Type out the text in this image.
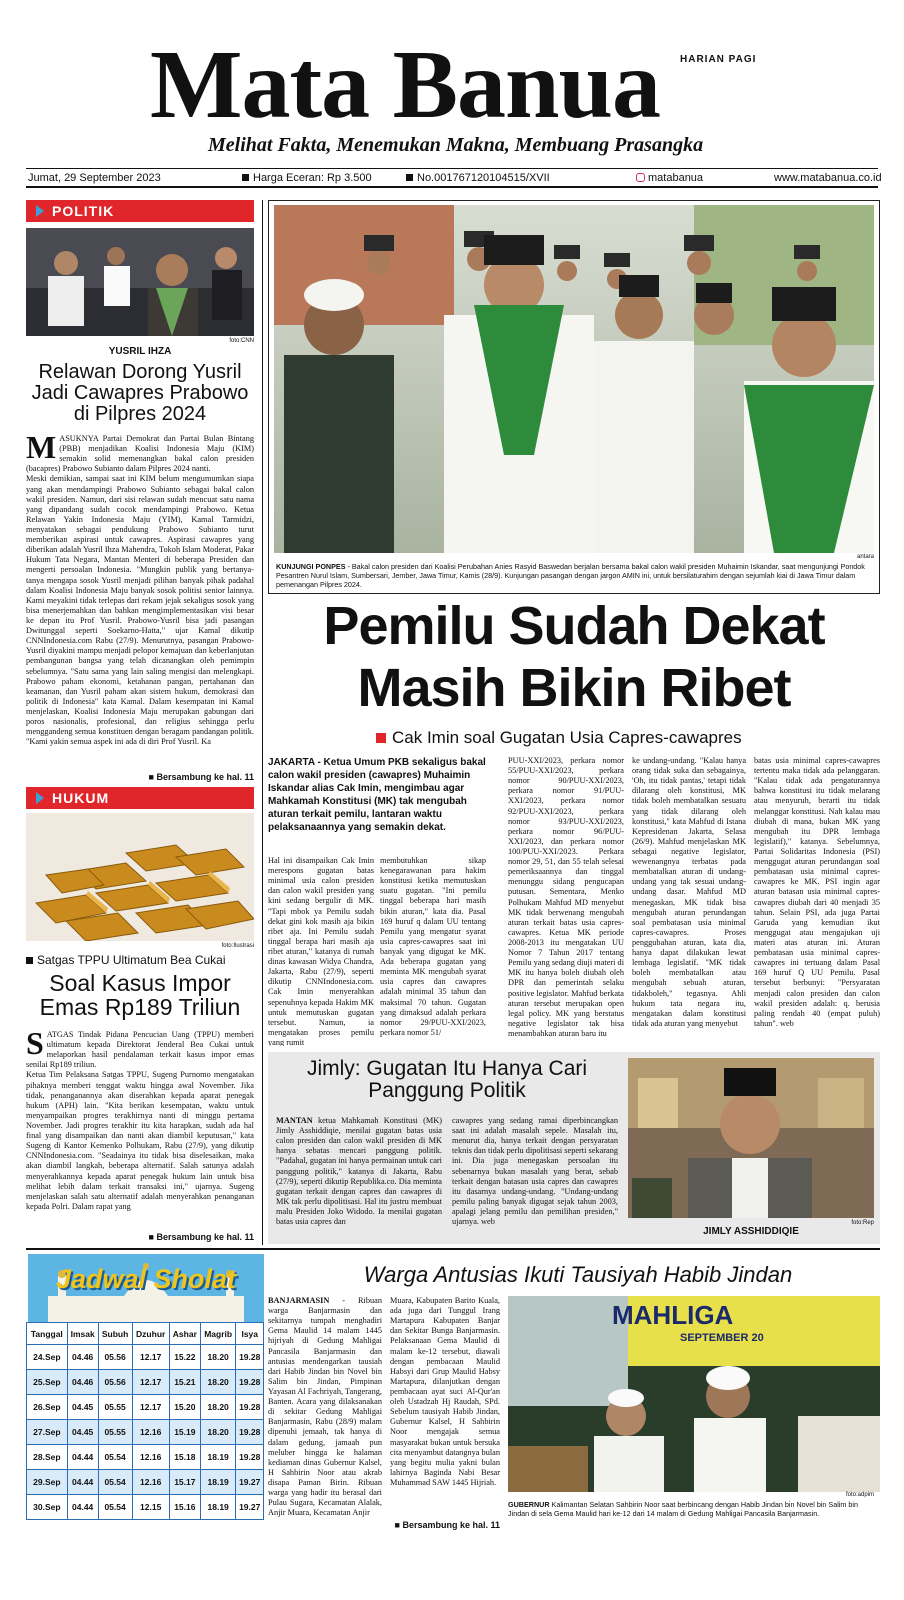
Mata Banua HARIAN PAGI
Melihat Fakta, Menemukan Makna, Membuang Prasangka
Jumat, 29 September 2023	Harga Eceran: Rp 3.500	No.001767120104515/XVII	matabanua	www.matabanua.co.id
POLITIK
foto:CNN
YUSRIL IHZA
Relawan Dorong Yusril Jadi Cawapres Prabowo di Pilpres 2024
MASUKNYA Partai Demokrat dan Partai Bulan Bintang (PBB) menjadikan Koalisi Indonesia Maju (KIM) semakin solid memenangkan bakal calon presiden (bacapres) Prabowo Subianto dalam Pilpres 2024 nanti.
Meski demikian, sampai saat ini KIM belum mengumumkan siapa yang akan mendampingi Prabowo Subianto sebagai bakal calon wakil presiden. Namun, dari sisi relawan sudah mencuat satu nama yang dipandang sudah cocok mendampingi Prabowo. Ketua Relawan Yakin Indonesia Maju (YIM), Kamal Tarmidzi, menyatakan sebagai pendukung Prabowo Subianto turut memberikan aspirasi untuk cawapres. Aspirasi cawapres yang diberikan adalah Yusril Ihza Mahendra, Tokoh Islam Moderat, Pakar Hukum Tata Negara, Mantan Menteri di beberapa Presiden dan mengerti persoalan Indonesia. "Mungkin publik yang bertanya-tanya mengapa sosok Yusril menjadi pilihan banyak pihak padahal dalam Koalisi Indonesia Maju banyak sosok politisi senior lainnya. Kami meyakini tidak terlepas dari rekam jejak sekaligus sosok yang bisa menerjemahkan dan bahkan mengimplementasikan visi besar ke depan itu Prof Yusril. Prabowo-Yusril bisa jadi pasangan Dwitunggal seperti Soekarno-Hatta," ujar Kamal dikutip CNNIndonesia.com Rabu (27/9). Menurutnya, pasangan Prabowo-Yusril diyakini mampu menjadi pelopor kemajuan dan keberlanjutan pembangunan bangsa yang telah dicanangkan oleh pemimpin sebelumnya. "Satu sama yang lain saling mengisi dan melengkapi. Prabowo paham ekonomi, ketahanan pangan, pertahanan dan keamanan, dan Yusril paham akan sistem hukum, demokrasi dan politik di Indonesia" kata Kamal. Dalam kesempatan ini Kamal menjelaskan, Koalisi Indonesia Maju merupakan gabungan dari poros nasionalis, profesional, dan religius sehingga perlu menggandeng semua konstituen dengan beragam pandangan politik. "Kami yakin semua aspek ini ada di diri Prof Yusril. Ka
■ Bersambung ke hal. 11
HUKUM
foto:Ilustrasi
Satgas TPPU Ultimatum Bea Cukai
Soal Kasus Impor Emas Rp189 Triliun
SATGAS Tindak Pidana Pencucian Uang (TPPU) memberi ultimatum kepada Direktorat Jenderal Bea Cukai untuk melaporkan hasil pendalaman terkait kasus impor emas senilai Rp189 triliun.
Ketua Tim Pelaksana Satgas TPPU, Sugeng Purnomo mengatakan pihaknya memberi tenggat waktu hingga awal November. Jika tidak, penanganannya akan diserahkan kepada aparat penegak hukum (APH) lain. "Kita berikan kesempatan, waktu untuk menyampaikan progres terakhirnya nanti di minggu pertama November. Jadi progres terakhir itu kita harapkan, sudah ada hal final yang disampaikan dan nanti akan diambil keputusan," kata Sugeng di Kantor Kemenko Polhukam, Rabu (27/9), yang dikutip CNNIndonesia.com. "Seadainya itu tidak bisa diselesaikan, maka akan diambil langkah, beberapa alternatif. Salah satunya adalah menyerahkannya kepada aparat penegak hukum lain untuk bisa melihat lebih dalam terkait transaksi ini," ujarnya. Sugeng menjelaskan salah satu alternatif adalah menyerahkan penanganan kepada Polri. Dalam rapat yang
■ Bersambung ke hal. 11
antara
KUNJUNGI PONPES - Bakal calon presiden dari Koalisi Perubahan Anies Rasyid Baswedan berjalan bersama bakal calon wakil presiden Muhaimin Iskandar, saat mengunjungi Pondok Pesantren Nurul Islam, Sumbersari, Jember, Jawa Timur, Kamis (28/9). Kunjungan pasangan dengan jargon AMIN ini, untuk bersilaturahim dengan sejumlah kiai di Jawa Timur dalam pemenangan Pilpres 2024.
Pemilu Sudah Dekat
Masih Bikin Ribet
Cak Imin soal Gugatan Usia Capres-cawapres
JAKARTA - Ketua Umum PKB sekaligus bakal calon wakil presiden (cawapres) Muhaimin Iskandar alias Cak Imin, mengimbau agar Mahkamah Konstitusi (MK) tak mengubah aturan terkait pemilu, lantaran waktu pelaksanaannya yang semakin dekat.
Hal ini disampaikan Cak Imin merespons gugatan batas minimal usia calon presiden dan calon wakil presiden yang kini sedang bergulir di MK. "Tapi mbok ya Pemilu sudah dekat gini kok masih aja bikin ribet aja. Ini Pemilu sudah tinggal berapa hari masih aja ribet aturan," katanya di rumah dinas kawasan Widya Chandra, Jakarta, Rabu (27/9), seperti dikutip CNNIndonesia.com. Cak Imin menyerahkan sepenuhnya kepada Hakim MK untuk memutuskan gugatan tersebut. Namun, ia mengatakan proses pemilu yang rumit
membutuhkan sikap kenegarawanan para hakim konstitusi ketika memutuskan suatu gugatan. "Ini pemilu tinggal beberapa hari masih bikin aturan," kata dia. Pasal 169 huruf q dalam UU tentang Pemilu yang mengatur syarat usia capres-cawapres saat ini banyak yang digugat ke MK. Ada beberapa gugatan yang meminta MK mengubah syarat usia capres dan cawapres adalah minimal 35 tahun dan maksimal 70 tahun. Gugatan yang dimaksud adalah perkara nomor 29/PUU-XXI/2023, perkara nomor 51/
PUU-XXI/2023, perkara nomor 55/PUU-XXI/2023, perkara nomor 90/PUU-XXI/2023, perkara nomor 91/PUU-XXI/2023, perkara nomor 92/PUU-XXI/2023, perkara nomor 93/PUU-XXI/2023, perkara nomor 96/PUU-XXI/2023, dan perkara nomor 100/PUU-XXI/2023. Perkara nomor 29, 51, dan 55 telah selesai pemeriksaannya dan tinggal menunggu sidang pengucapan putusan. Sementara, Menko Polhukam Mahfud MD menyebut MK tidak berwenang mengubah aturan terkait batas usia capres-cawapres. Ketua MK periode 2008-2013 itu mengatakan UU Nomor 7 Tahun 2017 tentang Pemilu yang sedang diuji materi di MK itu hanya boleh diubah oleh DPR dan pemerintah selaku positive legislator. Mahfud berkata aturan tersebut merupakan open legal policy. MK yang berstatus negative legislator tak bisa menambahkan aturan baru itu
ke undang-undang. "Kalau hanya orang tidak suka dan sebagainya, 'Oh, itu tidak pantas,' tetapi tidak dilarang oleh konstitusi, MK tidak boleh membatalkan sesuatu yang tidak dilarang oleh konstitusi," kata Mahfud di Istana Kepresidenan Jakarta, Selasa (26/9). Mahfud menjelaskan MK sebagai negative legislator, wewenangnya terbatas pada membatalkan aturan di undang-undang yang tak sesuai undang-undang dasar. Mahfud MD menegaskan, MK tidak bisa mengubah aturan perundangan soal pembatasan usia minimal capres-cawapres. Proses penggubahan aturan, kata dia, hanya dapat dilakukan lewat lembaga legislatif. "MK tidak boleh membatalkan atau mengubah sebuah aturan, tidakboleh," tegasnya. Ahli hukum tata negara itu, mengatakan dalam konstitusi tidak ada aturan yang menyebut
batas usia minimal capres-cawapres tertentu maka tidak ada pelanggaran. "Kalau tidak ada pengaturannya bahwa konstitusi itu tidak melarang atau menyuruh, berarti itu tidak melanggar konstitusi. Nah kalau mau diubah di mana, bukan MK yang mengubah itu DPR lembaga legislatif)," katanya. Sebelumnya, Partai Solidaritas Indonesia (PSI) menggugat aturan perundangan soal pembatasan usia minimal capres-cawapres ke MK. PSI ingin agar aturan batasan usia minimal capres-cawapres diubah dari 40 menjadi 35 tahun. Selain PSI, ada juga Partai Garuda yang kemudian ikut menggugat atau mengajukan uji materi atas aturan ini. Aturan pembatasan usia minimal capres-cawapres ini tertuang dalam Pasal 169 huruf Q UU Pemilu. Pasal tersebut berbunyi: "Persyaratan menjadi calon presiden dan calon wakil presiden adalah: q. berusia paling rendah 40 (empat puluh) tahun". web
Jimly: Gugatan Itu Hanya Cari Panggung Politik
MANTAN ketua Mahkamah Konstitusi (MK) Jimly Asshiddiqie, menilai gugatan batas usia calon presiden dan calon wakil presiden di MK hanya sebatas mencari panggung politik. "Padahal, gugatan ini hanya permainan untuk cari panggung politik," katanya di Jakarta, Rabu (27/9), seperti dikutip Republika.co. Dia meminta gugatan terkait dengan capres dan cawapres di MK tak perlu dipolitisasi. Hal itu justru membuat malu Presiden Joko Widodo. Ia menilai gugatan batas usia capres dan
cawapres yang sedang ramai diperbincangkan saat ini adalah masalah sepele. Masalah itu, menurut dia, hanya terkait dengan persyaratan teknis dan tidak perlu dipolitisasi seperti sekarang ini. Dia juga menegaskan persoalan itu sebenarnya bukan masalah yang berat, sebab terkait dengan batasan usia capres dan cawapres itu dasarnya undang-undang. "Undang-undang pemilu paling banyak digugat sejak tahun 2003, apalagi jelang pemilu dan pemilihan presiden," ujarnya. web	foto:Rep
JIMLY ASSHIDDIQIE
Jadwal Sholat
Tanggal	Imsak	Subuh	Dzuhur	Ashar	Magrib	Isya
24.Sep	04.46	05.56	12.17	15.22	18.20	19.28
25.Sep	04.46	05.56	12.17	15.21	18.20	19.28
26.Sep	04.45	05.55	12.17	15.20	18.20	19.28
27.Sep	04.45	05.55	12.16	15.19	18.20	19.28
28.Sep	04.44	05.54	12.16	15.18	18.19	19.28
29.Sep	04.44	05.54	12.16	15.17	18.19	19.27
30.Sep	04.44	05.54	12.15	15.16	18.19	19.27
Warga Antusias Ikuti Tausiyah Habib Jindan
BANJARMASIN - Ribuan warga Banjarmasin dan sekitarnya tumpah menghadiri Gema Maulid 14 malam 1445 hijriyah di Gedung Mahligai Pancasila Banjarmasin dan antusias mendengarkan tausiah dari Habib Jindan bin Novel bin Salim bin Jindan, Pimpinan Yayasan Al Fachriyah, Tangerang, Banten. Acara yang dilaksanakan di sekitar Gedung Mahligai Banjarmasin, Rabu (28/9) malam dipenuhi jemaah, tak hanya di dalam gedung, jamaah pun meluber hingga ke halaman kediaman dinas Gubernur Kalsel, H Sahbirin Noor atau akrab disapa Paman Birin. Ribuan warga yang hadir itu berasal dari Pulau Sugara, Kecamatan Alalak, Anjir Muara, Kecamatan Anjir
Muara, Kabupaten Barito Kuala, ada juga dari Tunggul Irang Martapura Kabupaten Banjar dan Sekitar Bunga Banjarmasin. Pelaksanaan Gema Maulid di malam ke-12 tersebut, diawali dengan pembacaan Maulid Habsyi dari Grup Maulid Habsy Martapura, dilanjutkan dengan pembacaan ayat suci Al-Qur'an oleh Ustadzah Hj Raudah, SPd. Sebelum tausiyah Habib Jindan, Gubernur Kalsel, H Sahbirin Noor mengajak semua masyarakat bukan untuk bersuka cita menyambut datangnya bulan yang begitu mulia yakni bulan lahirnya Baginda Nabi Besar Muhammad SAW 1445 Hijriah.
■ Bersambung ke hal. 11
MAHLIGA
SEPTEMBER 20
foto:adpim
GUBERNUR Kalimantan Selatan Sahbirin Noor saat berbincang dengan Habib Jindan bin Novel bin Salim bin Jindan di sela Gema Maulid hari ke-12 dari 14 malam di Gedung Mahligai Pancasila Banjarmasin.
